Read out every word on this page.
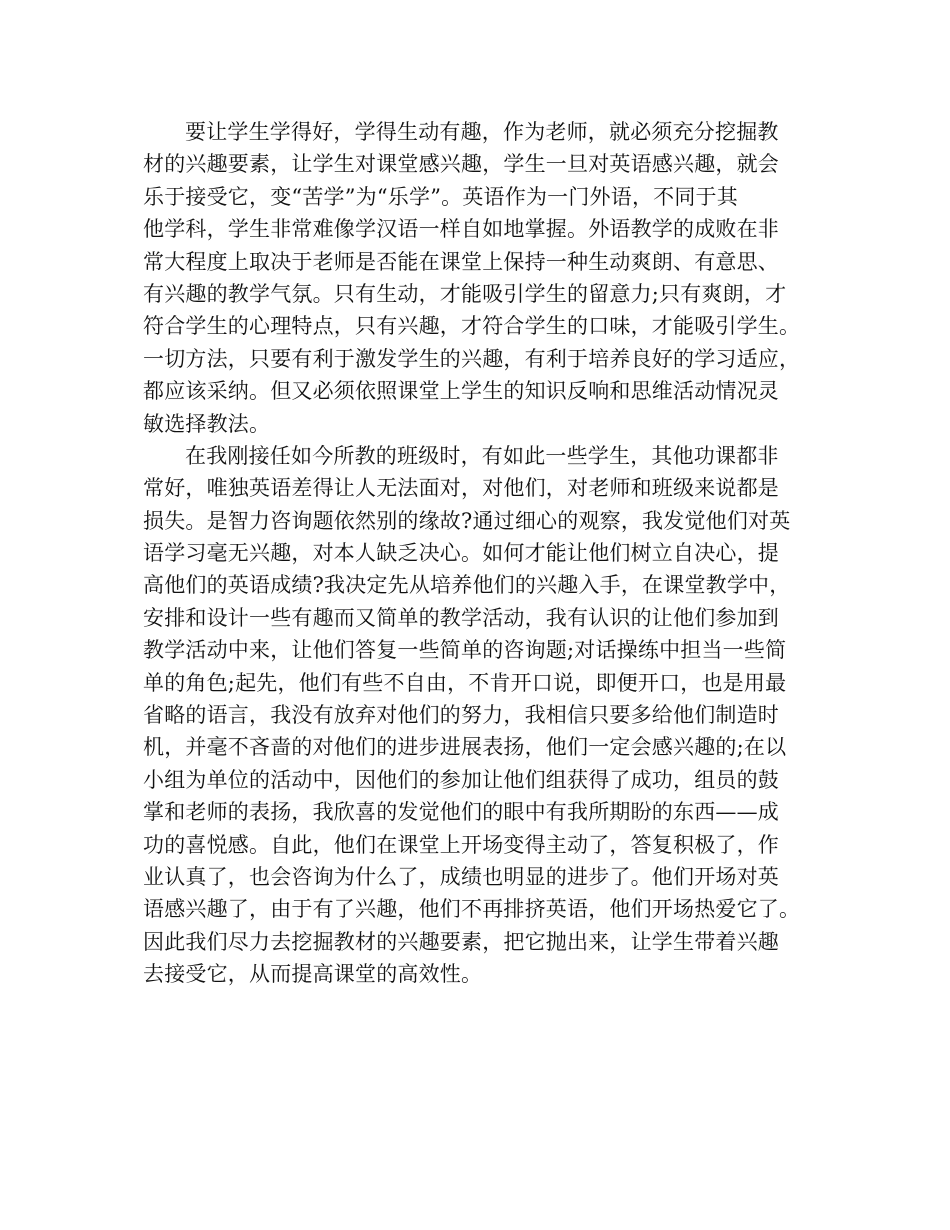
要让学生学得好，学得生动有趣，作为老师，就必须充分挖掘教
材的兴趣要素，让学生对课堂感兴趣，学生一旦对英语感兴趣，就会
乐于接受它，变“苦学”为“乐学”。英语作为一门外语，不同于其
他学科，学生非常难像学汉语一样自如地掌握。外语教学的成败在非
常大程度上取决于老师是否能在课堂上保持一种生动爽朗、有意思、
有兴趣的教学气氛。只有生动，才能吸引学生的留意力;只有爽朗，才
符合学生的心理特点，只有兴趣，才符合学生的口味，才能吸引学生。
一切方法，只要有利于激发学生的兴趣，有利于培养良好的学习适应，
都应该采纳。但又必须依照课堂上学生的知识反响和思维活动情况灵
敏选择教法。
在我刚接任如今所教的班级时，有如此一些学生，其他功课都非
常好，唯独英语差得让人无法面对，对他们，对老师和班级来说都是
损失。是智力咨询题依然别的缘故?通过细心的观察，我发觉他们对英
语学习毫无兴趣，对本人缺乏决心。如何才能让他们树立自决心，提
高他们的英语成绩?我决定先从培养他们的兴趣入手，在课堂教学中，
安排和设计一些有趣而又简单的教学活动，我有认识的让他们参加到
教学活动中来，让他们答复一些简单的咨询题;对话操练中担当一些简
单的角色;起先，他们有些不自由，不肯开口说，即便开口，也是用最
省略的语言，我没有放弃对他们的努力，我相信只要多给他们制造时
机，并毫不吝啬的对他们的进步进展表扬，他们一定会感兴趣的;在以
小组为单位的活动中，因他们的参加让他们组获得了成功，组员的鼓
掌和老师的表扬，我欣喜的发觉他们的眼中有我所期盼的东西——成
功的喜悦感。自此，他们在课堂上开场变得主动了，答复积极了，作
业认真了，也会咨询为什么了，成绩也明显的进步了。他们开场对英
语感兴趣了，由于有了兴趣，他们不再排挤英语，他们开场热爱它了。
因此我们尽力去挖掘教材的兴趣要素，把它抛出来，让学生带着兴趣
去接受它，从而提高课堂的高效性。
